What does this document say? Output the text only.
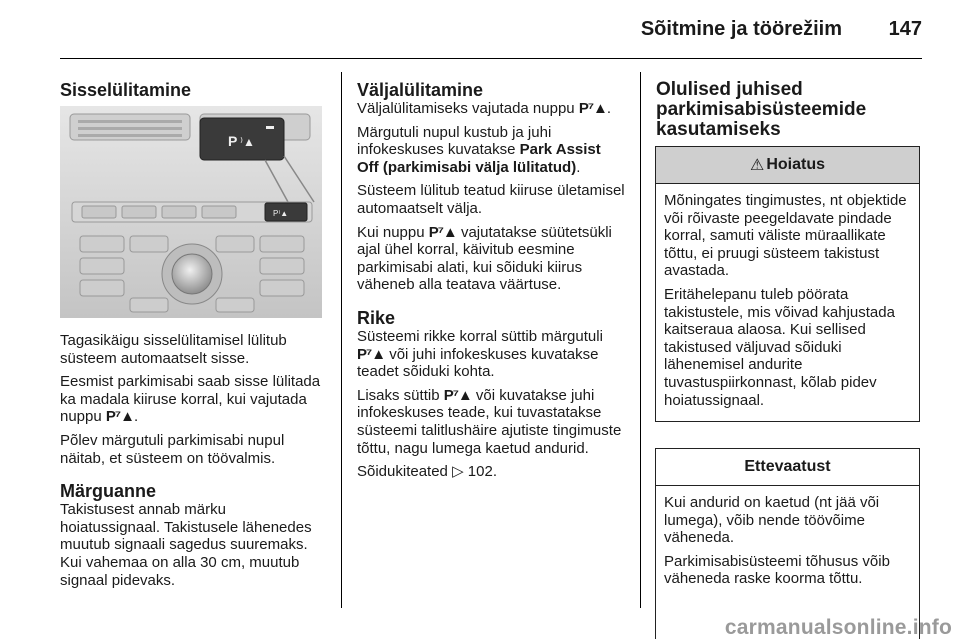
Sõitmine ja töörežiim 147
Sisselülitamine
P ⁾▲
P⁾▲

Tagasikäigu sisselülitamisel lülitub süsteem automaatselt sisse.

Eesmist parkimisabi saab sisse lülitada ka madala kiiruse korral, kui vajutada nuppu P⁷▲.

Põlev märgutuli parkimisabi nupul näitab, et süsteem on töövalmis.

Märguanne

Takistusest annab märku hoiatussignaal. Takistusele lähenedes muutub signaali sagedus suuremaks. Kui vahemaa on alla 30 cm, muutub signaal pidevaks.

Väljalülitamine

Väljalülitamiseks vajutada nuppu P⁷▲.

Märgutuli nupul kustub ja juhi infokeskuses kuvatakse Park Assist Off (parkimisabi välja lülitatud).

Süsteem lülitub teatud kiiruse ületamisel automaatselt välja.

Kui nuppu P⁷▲ vajutatakse süütetsükli ajal ühel korral, käivitub eesmine parkimisabi alati, kui sõiduki kiirus väheneb alla teatava väärtuse.

Rike

Süsteemi rikke korral süttib märgutuli P⁷▲ või juhi infokeskuses kuvatakse teadet sõiduki kohta.

Lisaks süttib P⁷▲ või kuvatakse juhi infokeskuses teade, kui tuvastatakse süsteemi talitlushäire ajutiste tingimuste tõttu, nagu lumega kaetud andurid.

Sõidukiteated ▷ 102.

Olulised juhised
parkimisabisüsteemide
kasutamiseks
⚠ Hoiatus

Mõningates tingimustes, nt objektide või rõivaste peegeldavate pindade korral, samuti väliste müraallikate tõttu, ei pruugi süsteem takistust avastada.

Eritähelepanu tuleb pöörata takistustele, mis võivad kahjustada kaitseraua alaosa. Kui sellised takistused väljuvad sõiduki lähenemisel andurite tuvastuspiirkonnast, kõlab pidev hoiatussignaal.

Ettevaatust

Kui andurid on kaetud (nt jää või lumega), võib nende töövõime väheneda.

Parkimisabisüsteemi tõhusus võib väheneda raske koorma tõttu.

carmanualsonline.info
